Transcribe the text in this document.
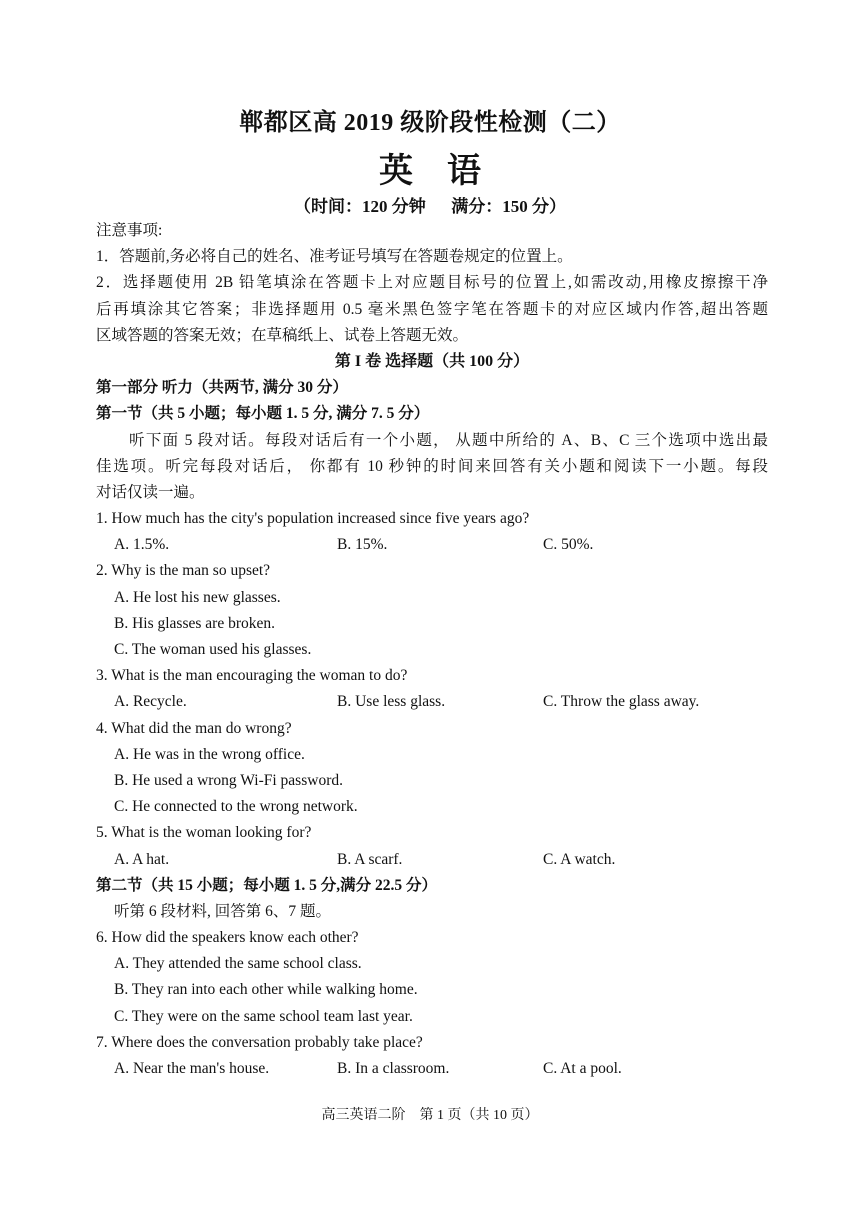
郸都区高 2019 级阶段性检测（二）
英语
（时间：120 分钟      满分：150 分）
注意事项:
1．答题前,务必将自己的姓名、准考证号填写在答题卷规定的位置上。
2．选择题使用 2B 铅笔填涂在答题卡上对应题目标号的位置上,如需改动,用橡皮擦擦干净
后再填涂其它答案；非选择题用 0.5 毫米黑色签字笔在答题卡的对应区域内作答,超出答题
区域答题的答案无效；在草稿纸上、试卷上答题无效。
第 I 卷 选择题（共 100 分）
第一部分 听力（共两节, 满分 30 分）
第一节（共 5 小题；每小题 1. 5 分, 满分 7. 5 分）
听下面 5 段对话。每段对话后有一个小题， 从题中所给的 A、B、C 三个选项中选出最
佳选项。听完每段对话后， 你都有 10 秒钟的时间来回答有关小题和阅读下一小题。每段
对话仅读一遍。
1. How much has the city's population increased since five years ago?
A. 1.5%.	B. 15%.	C. 50%.
2. Why is the man so upset?
A. He lost his new glasses.
B. His glasses are broken.
C. The woman used his glasses.
3. What is the man encouraging the woman to do?
A. Recycle.	B. Use less glass.	C. Throw the glass away.
4. What did the man do wrong?
A. He was in the wrong office.
B. He used a wrong Wi-Fi password.
C. He connected to the wrong network.
5. What is the woman looking for?
A. A hat.	B. A scarf.	C. A watch.
第二节（共 15 小题；每小题 1. 5 分,满分 22.5 分）
听第 6 段材料, 回答第 6、7 题。
6. How did the speakers know each other?
A. They attended the same school class.
B. They ran into each other while walking home.
C. They were on the same school team last year.
7. Where does the conversation probably take place?
A. Near the man's house.	B. In a classroom.	C. At a pool.
高三英语二阶    第 1 页（共 10 页）
